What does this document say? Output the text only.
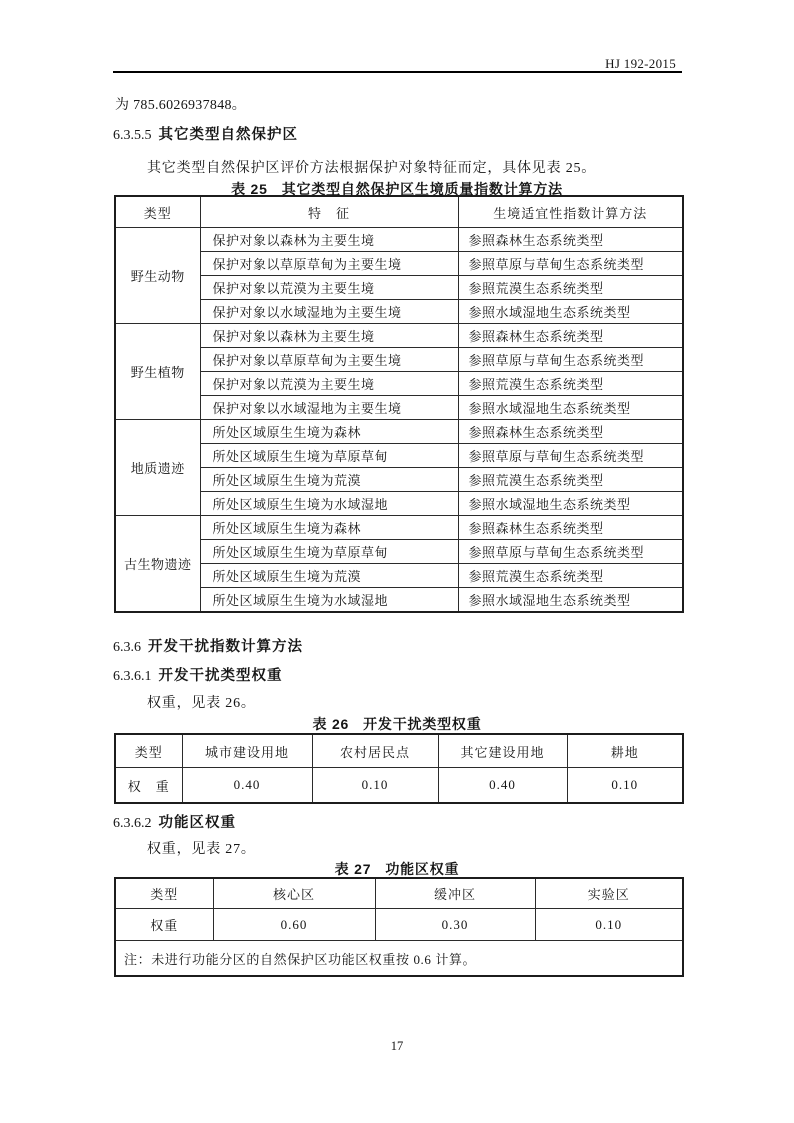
HJ 192-2015
为 785.6026937848。
6.3.5.5 其它类型自然保护区
其它类型自然保护区评价方法根据保护对象特征而定，具体见表 25。
表 25 其它类型自然保护区生境质量指数计算方法
类型	特　征	生境适宜性指数计算方法
野生动物	保护对象以森林为主要生境	参照森林生态系统类型
	保护对象以草原草甸为主要生境	参照草原与草甸生态系统类型
	保护对象以荒漠为主要生境	参照荒漠生态系统类型
	保护对象以水域湿地为主要生境	参照水域湿地生态系统类型
野生植物	保护对象以森林为主要生境	参照森林生态系统类型
	保护对象以草原草甸为主要生境	参照草原与草甸生态系统类型
	保护对象以荒漠为主要生境	参照荒漠生态系统类型
	保护对象以水域湿地为主要生境	参照水域湿地生态系统类型
地质遗迹	所处区域原生生境为森林	参照森林生态系统类型
	所处区域原生生境为草原草甸	参照草原与草甸生态系统类型
	所处区域原生生境为荒漠	参照荒漠生态系统类型
	所处区域原生生境为水域湿地	参照水域湿地生态系统类型
古生物遗迹	所处区域原生生境为森林	参照森林生态系统类型
	所处区域原生生境为草原草甸	参照草原与草甸生态系统类型
	所处区域原生生境为荒漠	参照荒漠生态系统类型
	所处区域原生生境为水域湿地	参照水域湿地生态系统类型
6.3.6 开发干扰指数计算方法
6.3.6.1 开发干扰类型权重
权重，见表 26。
表 26 开发干扰类型权重
类型	城市建设用地	农村居民点	其它建设用地	耕地
权　重	0.40	0.10	0.40	0.10
6.3.6.2 功能区权重
权重，见表 27。
表 27 功能区权重
类型	核心区	缓冲区	实验区
权重	0.60	0.30	0.10
注：未进行功能分区的自然保护区功能区权重按 0.6 计算。			
17
